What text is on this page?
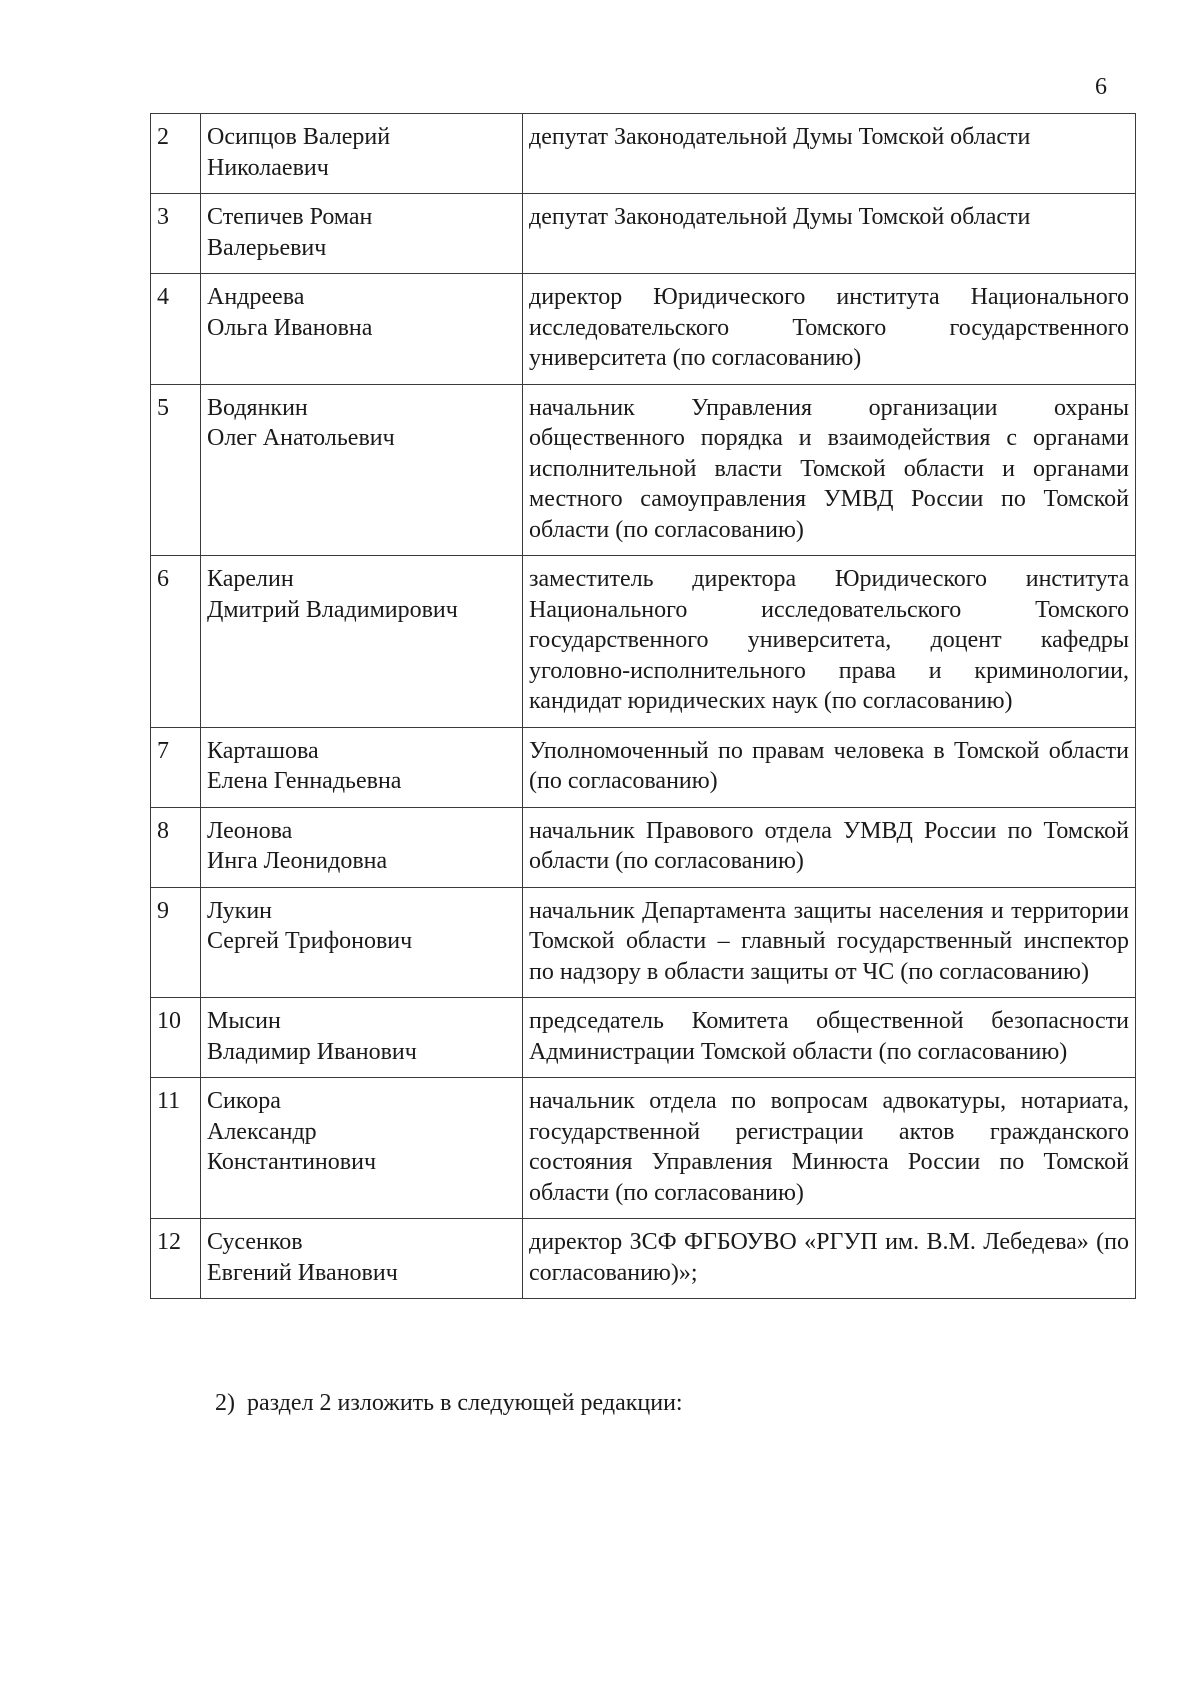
6
2	Осипцов Валерий
Николаевич	депутат Законодательной Думы Томской области
3	Степичев Роман
Валерьевич	депутат Законодательной Думы Томской области
4	Андреева
Ольга Ивановна	директор Юридического института Национального исследовательского Томского государственного университета (по согласованию)
5	Водянкин
Олег Анатольевич	начальник Управления организации охраны общественного порядка и взаимодействия с органами исполнительной власти Томской области и органами местного самоуправления УМВД России по Томской области (по согласованию)
6	Карелин
Дмитрий Владимирович	заместитель директора Юридического института Национального исследовательского Томского государственного университета, доцент кафедры уголовно-исполнительного права и криминологии, кандидат юридических наук (по согласованию)
7	Карташова
Елена Геннадьевна	Уполномоченный по правам человека в Томской области (по согласованию)
8	Леонова
Инга Леонидовна	начальник Правового отдела УМВД России по Томской области (по согласованию)
9	Лукин
Сергей Трифонович	начальник Департамента защиты населения и территории Томской области – главный государственный инспектор по надзору в области защиты от ЧС (по согласованию)
10	Мысин
Владимир Иванович	председатель Комитета общественной безопасности Администрации Томской области (по согласованию)
11	Сикора
Александр
Константинович	начальник отдела по вопросам адвокатуры, нотариата, государственной регистрации актов гражданского состояния Управления Минюста России по Томской области (по согласованию)
12	Сусенков
Евгений Иванович	директор ЗСФ ФГБОУВО «РГУП им. В.М. Лебедева» (по согласованию)»;
2) раздел 2 изложить в следующей редакции:
